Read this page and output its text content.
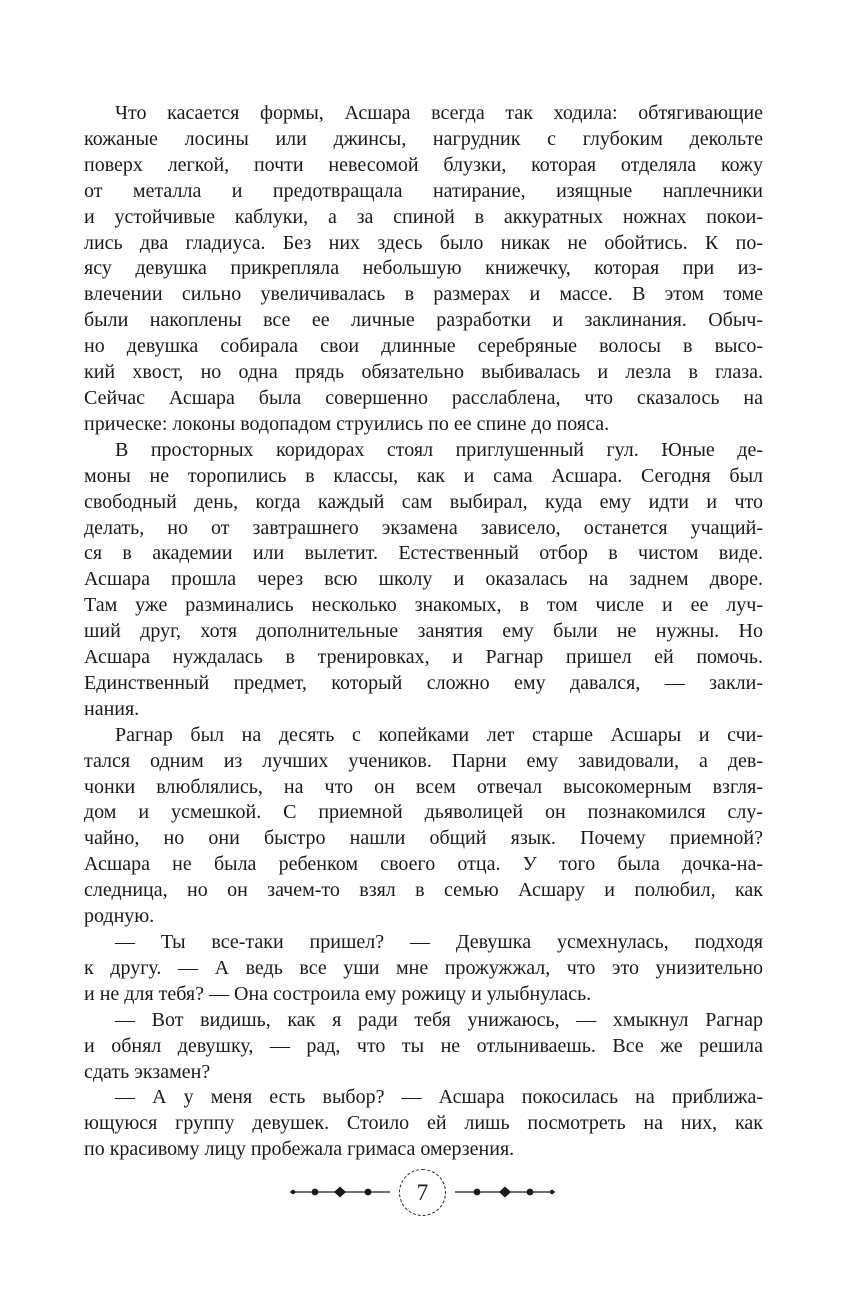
Что касается формы, Асшара всегда так ходила: обтягивающие
кожаные лосины или джинсы, нагрудник с глубоким декольте
поверх легкой, почти невесомой блузки, которая отделяла кожу
от металла и предотвращала натирание, изящные наплечники
и устойчивые каблуки, а за спиной в аккуратных ножнах покои-
лись два гладиуса. Без них здесь было никак не обойтись. К по-
ясу девушка прикрепляла небольшую книжечку, которая при из-
влечении сильно увеличивалась в размерах и массе. В этом томе
были накоплены все ее личные разработки и заклинания. Обыч-
но девушка собирала свои длинные серебряные волосы в высо-
кий хвост, но одна прядь обязательно выбивалась и лезла в глаза.
Сейчас Асшара была совершенно расслаблена, что сказалось на
прическе: локоны водопадом струились по ее спине до пояса.
В просторных коридорах стоял приглушенный гул. Юные де-
моны не торопились в классы, как и сама Асшара. Сегодня был
свободный день, когда каждый сам выбирал, куда ему идти и что
делать, но от завтрашнего экзамена зависело, останется учащий-
ся в академии или вылетит. Естественный отбор в чистом виде.
Асшара прошла через всю школу и оказалась на заднем дворе.
Там уже разминались несколько знакомых, в том числе и ее луч-
ший друг, хотя дополнительные занятия ему были не нужны. Но
Асшара нуждалась в тренировках, и Рагнар пришел ей помочь.
Единственный предмет, который сложно ему давался, — закли-
нания.
Рагнар был на десять с копейками лет старше Асшары и счи-
тался одним из лучших учеников. Парни ему завидовали, а дев-
чонки влюблялись, на что он всем отвечал высокомерным взгля-
дом и усмешкой. С приемной дьяволицей он познакомился слу-
чайно, но они быстро нашли общий язык. Почему приемной?
Асшара не была ребенком своего отца. У того была дочка-на-
следница, но он зачем-то взял в семью Асшару и полюбил, как
родную.
— Ты все-таки пришел? — Девушка усмехнулась, подходя
к другу. — А ведь все уши мне прожужжал, что это унизительно
и не для тебя? — Она состроила ему рожицу и улыбнулась.
— Вот видишь, как я ради тебя унижаюсь, — хмыкнул Рагнар
и обнял девушку, — рад, что ты не отлыниваешь. Все же решила
сдать экзамен?
— А у меня есть выбор? — Асшара покосилась на приближа-
ющуюся группу девушек. Стоило ей лишь посмотреть на них, как
по красивому лицу пробежала гримаса омерзения.
7
